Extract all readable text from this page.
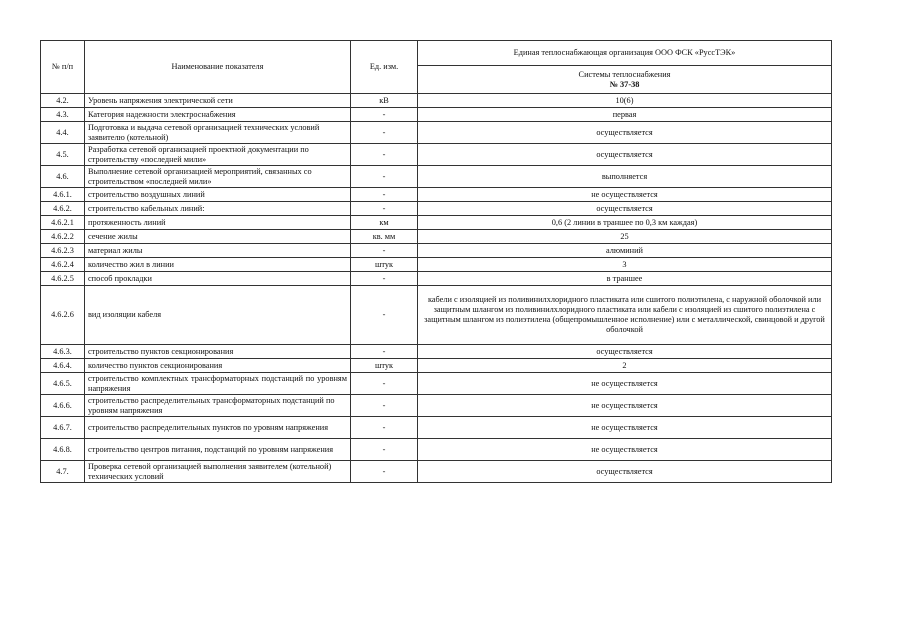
№ п/п	Наименование показателя	Ед. изм.	Единая теплоснабжающая организация ООО ФСК «РуссТЭК»
			Системы теплоснабжения
№ 37-38
4.2.	Уровень напряжения электрической сети	кВ	10(6)
4.3.	Категория надежности электроснабжения	-	первая
4.4.	Подготовка и выдача сетевой организацией технических условий заявителю (котельной)	-	осуществляется
4.5.	Разработка сетевой организацией проектной документации по строительству «последней мили»	-	осуществляется
4.6.	Выполнение сетевой организацией мероприятий, связанных со строительством «последней мили»	-	выполняется
4.6.1.	строительство воздушных линий	-	не осуществляется
4.6.2.	строительство кабельных линий:	-	осуществляется
4.6.2.1	протяженность линий	км	0,6 (2 линии в траншее по 0,3 км каждая)
4.6.2.2	сечение жилы	кв. мм	25
4.6.2.3	материал жилы	-	алюминий
4.6.2.4	количество жил в линии	штук	3
4.6.2.5	способ прокладки	-	в траншее
4.6.2.6	вид изоляции кабеля	-	кабели с изоляцией из поливинилхлоридного пластиката или сшитого полиэтилена, с наружной оболочкой или защитным шлангом из поливинилхлоридного пластиката или кабели с изоляцией из сшитого полиэтилена с защитным шлангом из полиэтилена (общепромышленное исполнение) или с металлической, свинцовой и другой оболочкой
4.6.3.	строительство пунктов секционирования	-	осуществляется
4.6.4.	количество пунктов секционирования	штук	2
4.6.5.	строительство комплектных трансформаторных подстанций по уровням напряжения	-	не осуществляется
4.6.6.	строительство распределительных трансформаторных подстанций по уровням напряжения	-	не осуществляется
4.6.7.	строительство распределительных пунктов по уровням напряжения	-	не осуществляется
4.6.8.	строительство центров питания, подстанций по уровням напряжения	-	не осуществляется
4.7.	Проверка сетевой организацией выполнения заявителем (котельной) технических условий	-	осуществляется
